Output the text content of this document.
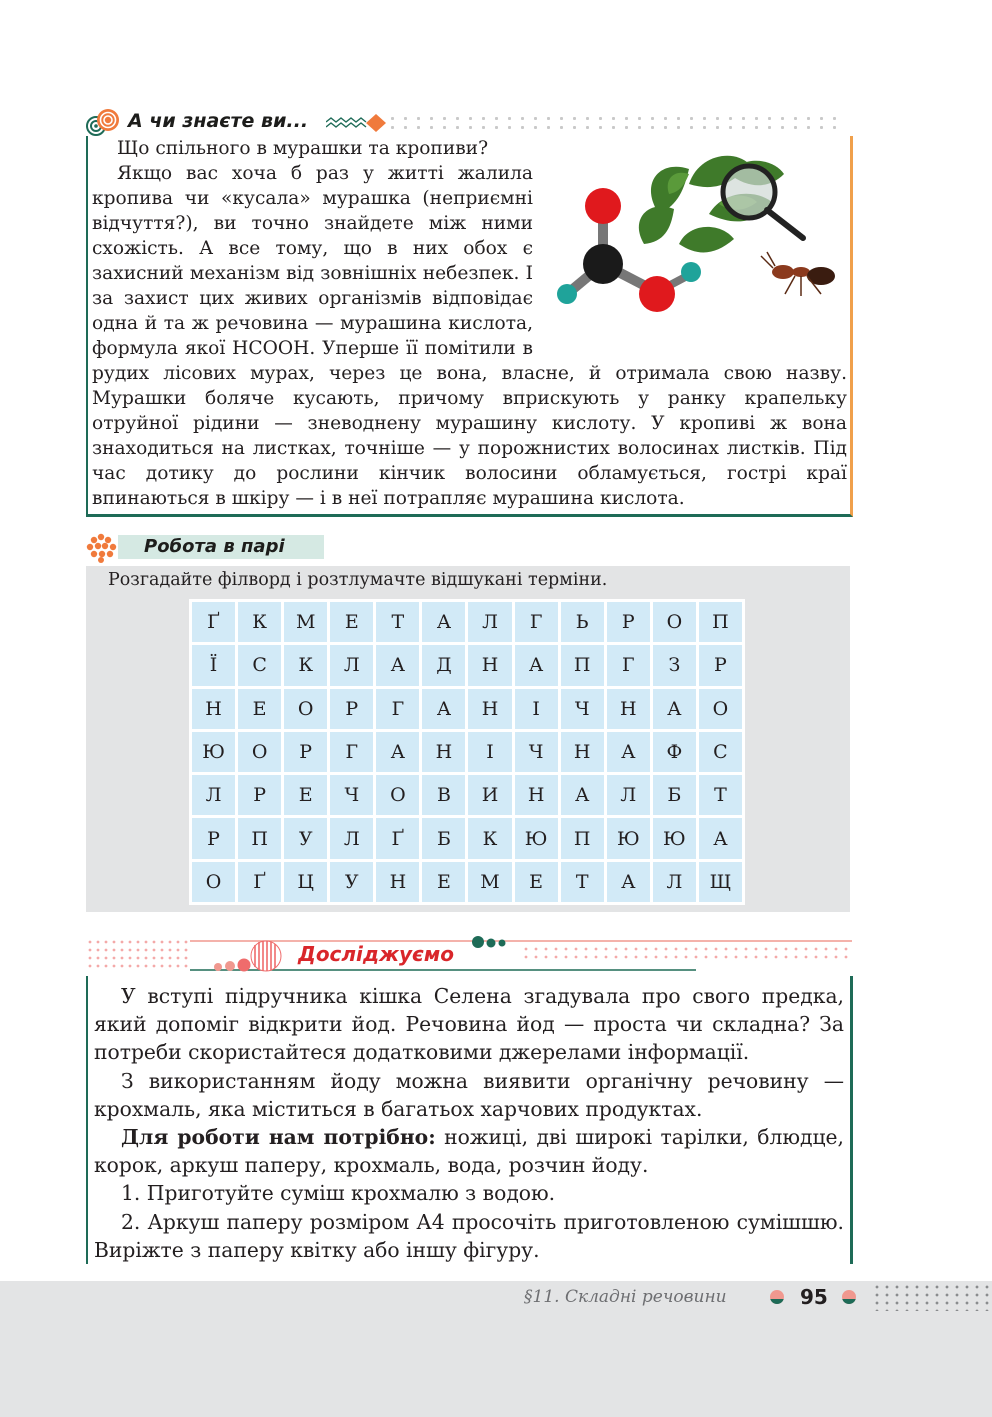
А чи знаєте ви...

Що спільного в мурашки та кропиви?

Якщо вас хоча б раз у житті жалила кропива чи «кусала» мурашка (неприємні відчуття?), ви точно знайдете між ними схожість. А все тому, що в них обох є захисний механізм від зовнішніх небезпек. І за захист цих живих організмів відповідає одна й та ж речовина — мурашина кислота, формула якої HCOOH. Уперше її помітили в рудих лісових мурах, через це вона, власне, й отримала свою назву. Мурашки боляче кусають, причому вприскують у ранку крапельку отруйної рідини — зневоднену мурашину кислоту. У кропиві ж вона знаходиться на листках, точніше — у порожнистих волосинах листків. Під час дотику до рослини кінчик волосини обламується, гострі краї впинаються в шкіру — і в неї потрапляє мурашина кислота.

Робота в парі
Розгадайте філворд і розтлумачте відшукані терміни.
Ґ	К	М	Е	Т	А	Л	Г	Ь	Р	О	П
Ї	С	К	Л	А	Д	Н	А	П	Г	З	Р
Н	Е	О	Р	Г	А	Н	І	Ч	Н	А	О
Ю	О	Р	Г	А	Н	І	Ч	Н	А	Ф	С
Л	Р	Е	Ч	О	В	И	Н	А	Л	Б	Т
Р	П	У	Л	Ґ	Б	К	Ю	П	Ю	Ю	А
О	Ґ	Ц	У	Н	Е	М	Е	Т	А	Л	Щ
Досліджуємо

У вступі підручника кішка Селена згадувала про свого предка, який допоміг відкрити йод. Речовина йод — проста чи складна? За потреби скористайтеся додатковими джерелами інформації.

З використанням йоду можна виявити органічну речовину — крохмаль, яка міститься в багатьох харчових продуктах.

Для роботи нам потрібно: ножиці, дві широкі тарілки, блюдце, корок, аркуш паперу, крохмаль, вода, розчин йоду.

1. Приготуйте суміш крохмалю з водою.

2. Аркуш паперу розміром А4 просочіть приготовленою сумішшю. Виріжте з паперу квітку або іншу фігуру.

§11. Складні речовини	95
